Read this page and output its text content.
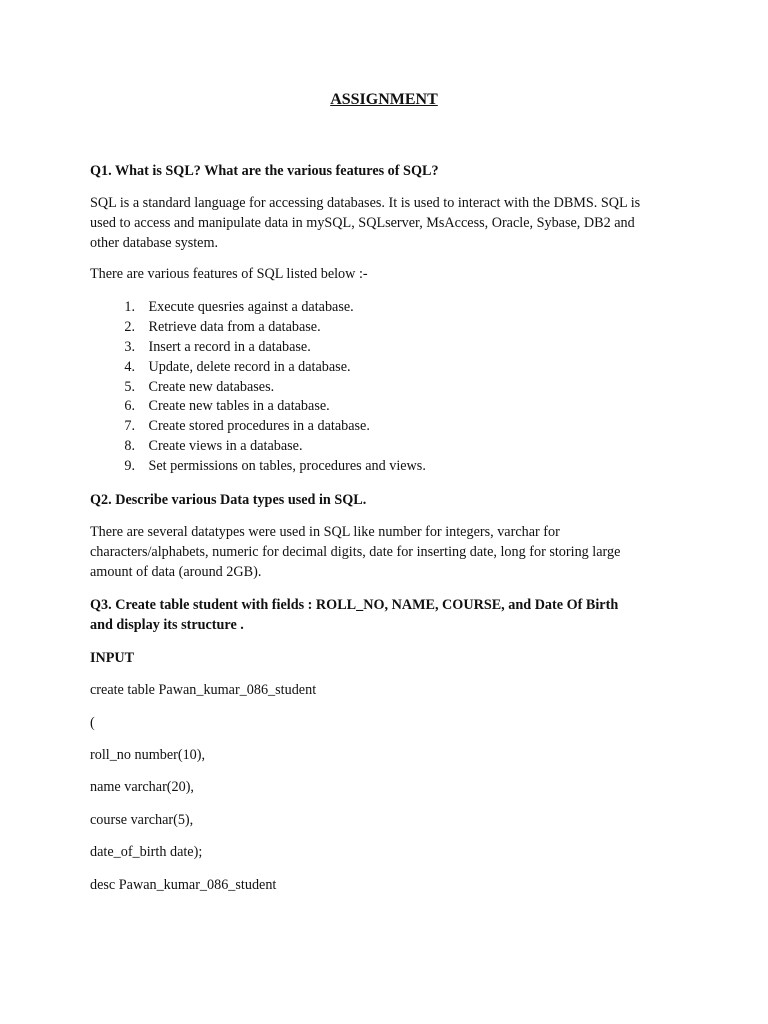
ASSIGNMENT
Q1. What is SQL? What are the various features of SQL?
SQL is a standard language for accessing databases. It is used to interact with the DBMS. SQL is
used to access and manipulate data in mySQL, SQLserver, MsAccess, Oracle, Sybase, DB2 and
other database system.
There are various features of SQL listed below :-
1. Execute quesries against a database.
2. Retrieve data from a database.
3. Insert a record in a database.
4. Update, delete record in a database.
5. Create new databases.
6. Create new tables in a database.
7. Create stored procedures in a database.
8. Create views in a database.
9. Set permissions on tables, procedures and views.
Q2. Describe various Data types used in SQL.
There are several datatypes were used in SQL like number for integers, varchar for
characters/alphabets, numeric for decimal digits, date for inserting date, long for storing large
amount of data (around 2GB).
Q3. Create table student with fields : ROLL_NO, NAME, COURSE, and Date Of Birth
and display its structure .
INPUT
create table Pawan_kumar_086_student
(
roll_no number(10),
name varchar(20),
course varchar(5),
date_of_birth date);
desc Pawan_kumar_086_student
